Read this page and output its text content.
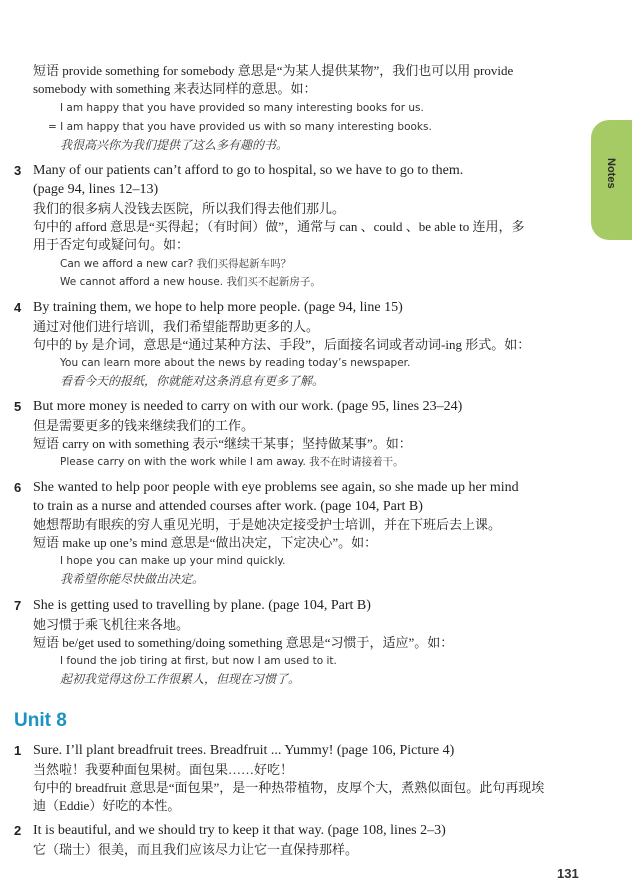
Notes
短语 provide something for somebody 意思是“为某人提供某物”，我们也可以用 provide
somebody with something 来表达同样的意思。如：
I am happy that you have provided so many interesting books for us.
= I am happy that you have provided us with so many interesting books.
我很高兴你为我们提供了这么多有趣的书。
3 Many of our patients can’t afford to go to hospital, so we have to go to them.
(page 94, lines 12–13)
我们的很多病人没钱去医院，所以我们得去他们那儿。
句中的 afford 意思是“买得起；（有时间）做”，通常与 can 、could 、be able to 连用，多
用于否定句或疑问句。如：
Can we afford a new car? 我们买得起新车吗？
We cannot afford a new house. 我们买不起新房子。
4 By training them, we hope to help more people. (page 94, line 15)
通过对他们进行培训，我们希望能帮助更多的人。
句中的 by 是介词，意思是“通过某种方法、手段”，后面接名词或者动词-ing 形式。如：
You can learn more about the news by reading today’s newspaper.
看看今天的报纸，你就能对这条消息有更多了解。
5 But more money is needed to carry on with our work. (page 95, lines 23–24)
但是需要更多的钱来继续我们的工作。
短语 carry on with something 表示“继续干某事；坚持做某事”。如：
Please carry on with the work while I am away. 我不在时请接着干。
6 She wanted to help poor people with eye problems see again, so she made up her mind
to train as a nurse and attended courses after work. (page 104, Part B)
她想帮助有眼疾的穷人重见光明，于是她决定接受护士培训，并在下班后去上课。
短语 make up one’s mind 意思是“做出决定，下定决心”。如：
I hope you can make up your mind quickly.
我希望你能尽快做出决定。
7 She is getting used to travelling by plane. (page 104, Part B)
她习惯于乘飞机往来各地。
短语 be/get used to something/doing something 意思是“习惯于，适应”。如：
I found the job tiring at first, but now I am used to it.
起初我觉得这份工作很累人，但现在习惯了。
Unit 8
1 Sure. I’ll plant breadfruit trees. Breadfruit ... Yummy! (page 106, Picture 4)
当然啦！我要种面包果树。面包果……好吃！
句中的 breadfruit 意思是“面包果”，是一种热带植物，皮厚个大，煮熟似面包。此句再现埃
迪（Eddie）好吃的本性。
2 It is beautiful, and we should try to keep it that way. (page 108, lines 2–3)
它（瑞士）很美，而且我们应该尽力让它一直保持那样。
131
